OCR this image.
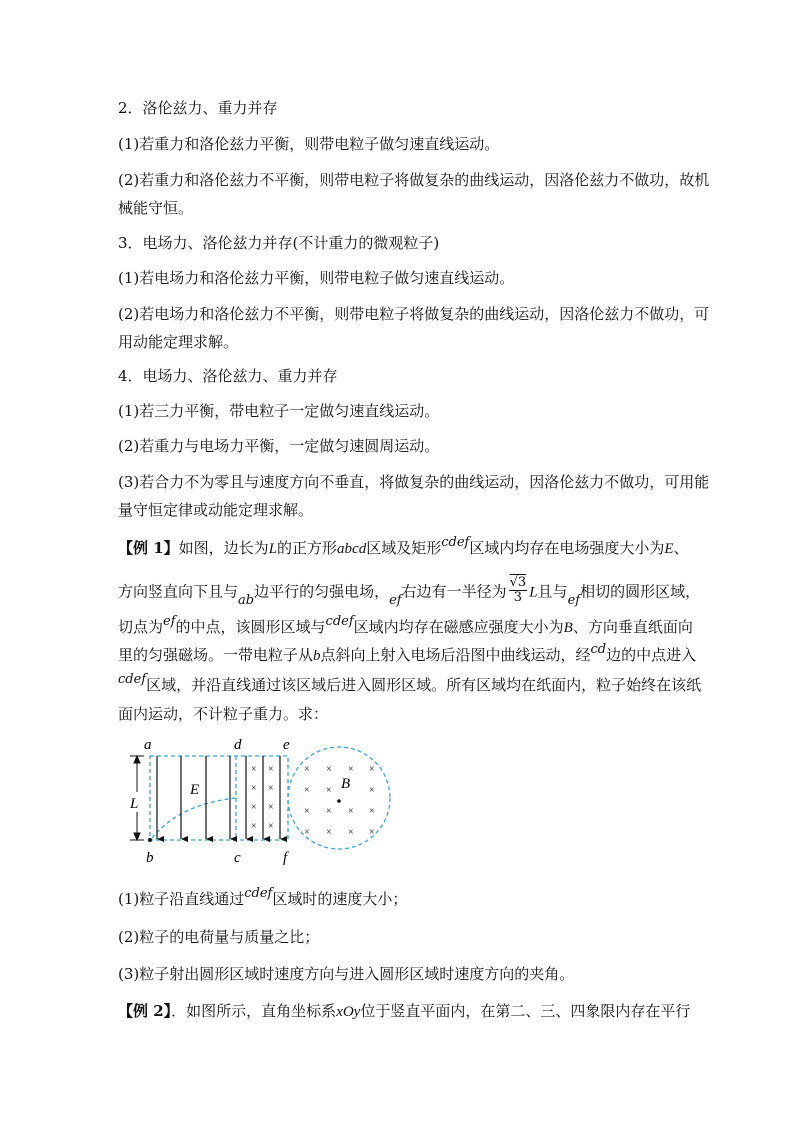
2．洛伦兹力、重力并存
(1)若重力和洛伦兹力平衡，则带电粒子做匀速直线运动。
(2)若重力和洛伦兹力不平衡，则带电粒子将做复杂的曲线运动，因洛伦兹力不做功，故机
械能守恒。
3．电场力、洛伦兹力并存(不计重力的微观粒子)
(1)若电场力和洛伦兹力平衡，则带电粒子做匀速直线运动。
(2)若电场力和洛伦兹力不平衡，则带电粒子将做复杂的曲线运动，因洛伦兹力不做功，可
用动能定理求解。
4．电场力、洛伦兹力、重力并存
(1)若三力平衡，带电粒子一定做匀速直线运动。
(2)若重力与电场力平衡，一定做匀速圆周运动。
(3)若合力不为零且与速度方向不垂直，将做复杂的曲线运动，因洛伦兹力不做功，可用能
量守恒定律或动能定理求解。
【例 1】如图，边长为L的正方形abcd区域及矩形cdef区域内均存在电场强度大小为E、
方向竖直向下且与ab边平行的匀强电场，ef右边有一半径为 $\frac{√3}{3}$ L且与ef相切的圆形区域，
切点为ef的中点，该圆形区域与cdef区域内均存在磁感应强度大小为B、方向垂直纸面向
里的匀强磁场。一带电粒子从b点斜向上射入电场后沿图中曲线运动，经cd边的中点进入
cdef区域，并沿直线通过该区域后进入圆形区域。所有区域均在纸面内，粒子始终在该纸
面内运动，不计粒子重力。求：
a	d	e
b	c	f
E	B
L
× ×
× ×
× ×
× ×
× × × ×
× ×	×
× × × ×
× × × ×
(1)粒子沿直线通过cdef区域时的速度大小；
(2)粒子的电荷量与质量之比；
(3)粒子射出圆形区域时速度方向与进入圆形区域时速度方向的夹角。
【例 2】．如图所示，直角坐标系xOy位于竖直平面内，在第二、三、四象限内存在平行
